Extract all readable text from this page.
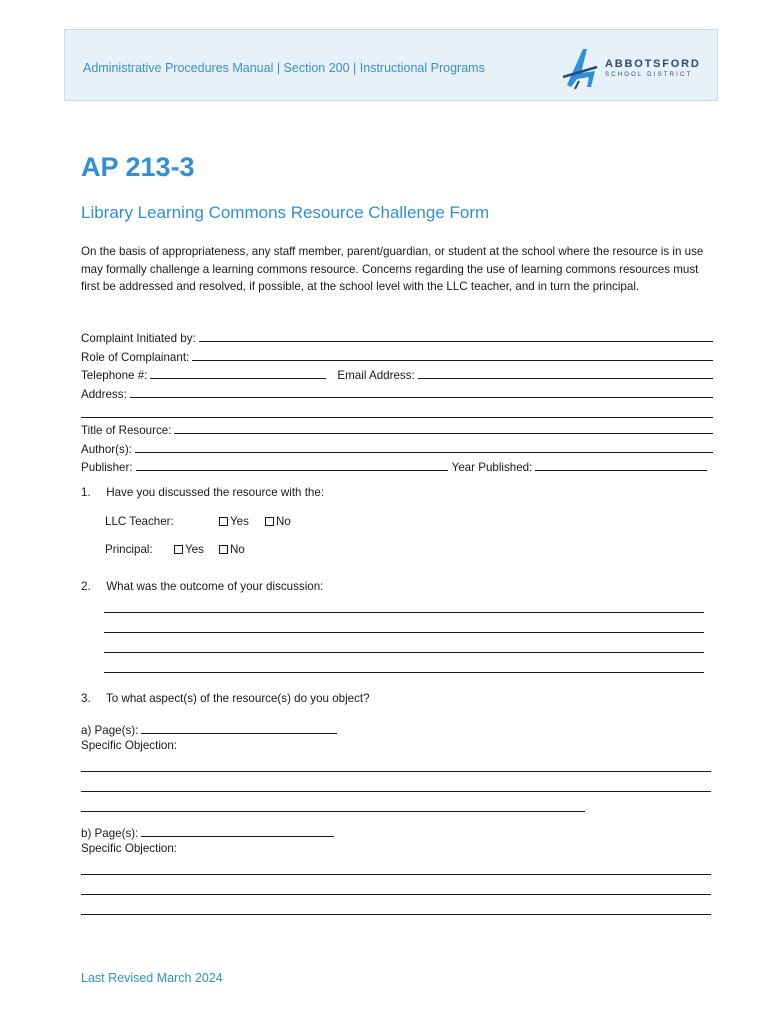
Administrative Procedures Manual | Section 200 | Instructional Programs	ABBOTSFORD
SCHOOL DISTRICT
AP 213-3
Library Learning Commons Resource Challenge Form
On the basis of appropriateness, any staff member, parent/guardian, or student at the school where the resource is in use may formally challenge a learning commons resource. Concerns regarding the use of learning commons resources must first be addressed and resolved, if possible, at the school level with the LLC teacher, and in turn the principal.
Complaint Initiated by:
Role of Complainant:
Telephone #:	Email Address:
Address:
Title of Resource:
Author(s):
Publisher:	Year Published:
1. Have you discussed the resource with the:
LLC Teacher:	Yes No
Principal:	Yes No
2. What was the outcome of your discussion:
3. To what aspect(s) of the resource(s) do you object?
a) Page(s):
Specific Objection:
b) Page(s):
Specific Objection:
Last Revised March 2024
